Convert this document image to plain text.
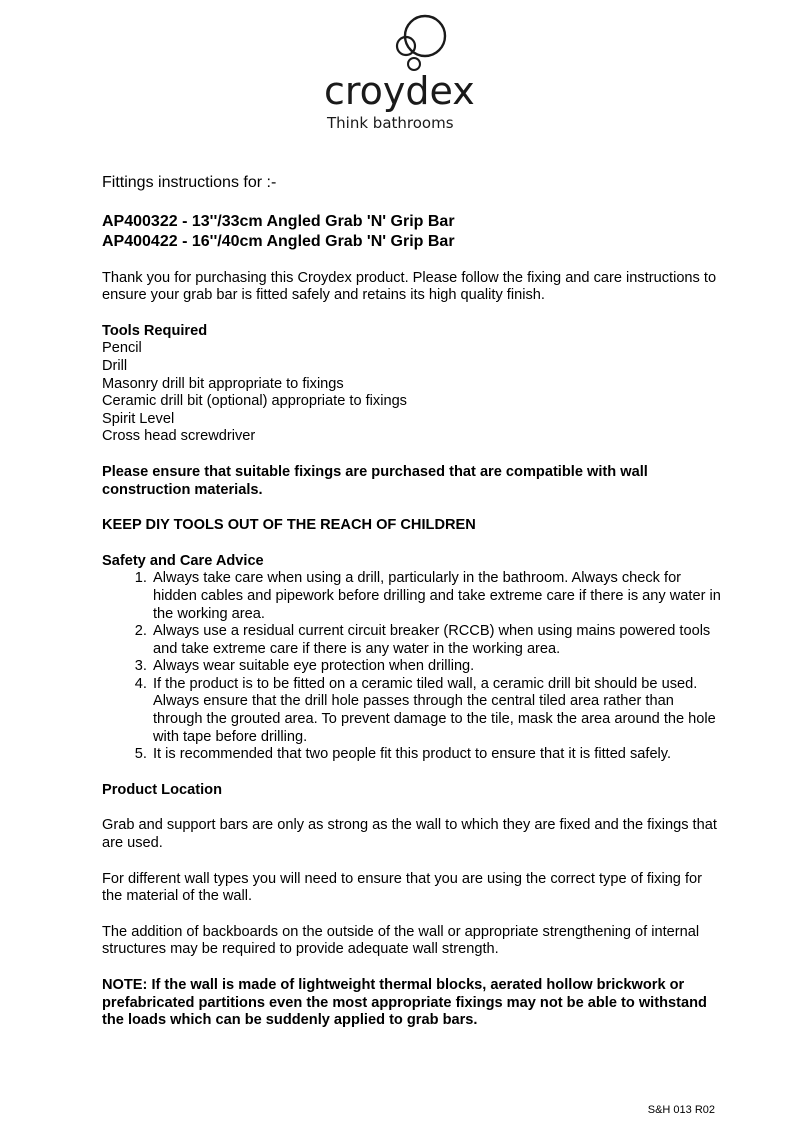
croydex
Think bathrooms

Fittings instructions for :-

AP400322 - 13''/33cm Angled Grab 'N' Grip Bar

AP400422 - 16''/40cm Angled Grab 'N' Grip Bar

Thank you for purchasing this Croydex product. Please follow the fixing and care instructions to ensure your grab bar is fitted safely and retains its high quality finish.

Tools Required

Pencil

Drill

Masonry drill bit appropriate to fixings

Ceramic drill bit (optional) appropriate to fixings

Spirit Level

Cross head screwdriver

Please ensure that suitable fixings are purchased that are compatible with wall construction materials.

KEEP DIY TOOLS OUT OF THE REACH OF CHILDREN

Safety and Care Advice

1. Always take care when using a drill, particularly in the bathroom. Always check for hidden cables and pipework before drilling and take extreme care if there is any water in the working area.
2. Always use a residual current circuit breaker (RCCB) when using mains powered tools and take extreme care if there is any water in the working area.
3. Always wear suitable eye protection when drilling.
4. If the product is to be fitted on a ceramic tiled wall, a ceramic drill bit should be used. Always ensure that the drill hole passes through the central tiled area rather than through the grouted area. To prevent damage to the tile, mask the area around the hole with tape before drilling.
5. It is recommended that two people fit this product to ensure that it is fitted safely.

Product Location

Grab and support bars are only as strong as the wall to which they are fixed and the fixings that are used.

For different wall types you will need to ensure that you are using the correct type of fixing for the material of the wall.

The addition of backboards on the outside of the wall or appropriate strengthening of internal structures may be required to provide adequate wall strength.

NOTE: If the wall is made of lightweight thermal blocks, aerated hollow brickwork or prefabricated partitions even the most appropriate fixings may not be able to withstand the loads which can be suddenly applied to grab bars.

S&H 013 R02
